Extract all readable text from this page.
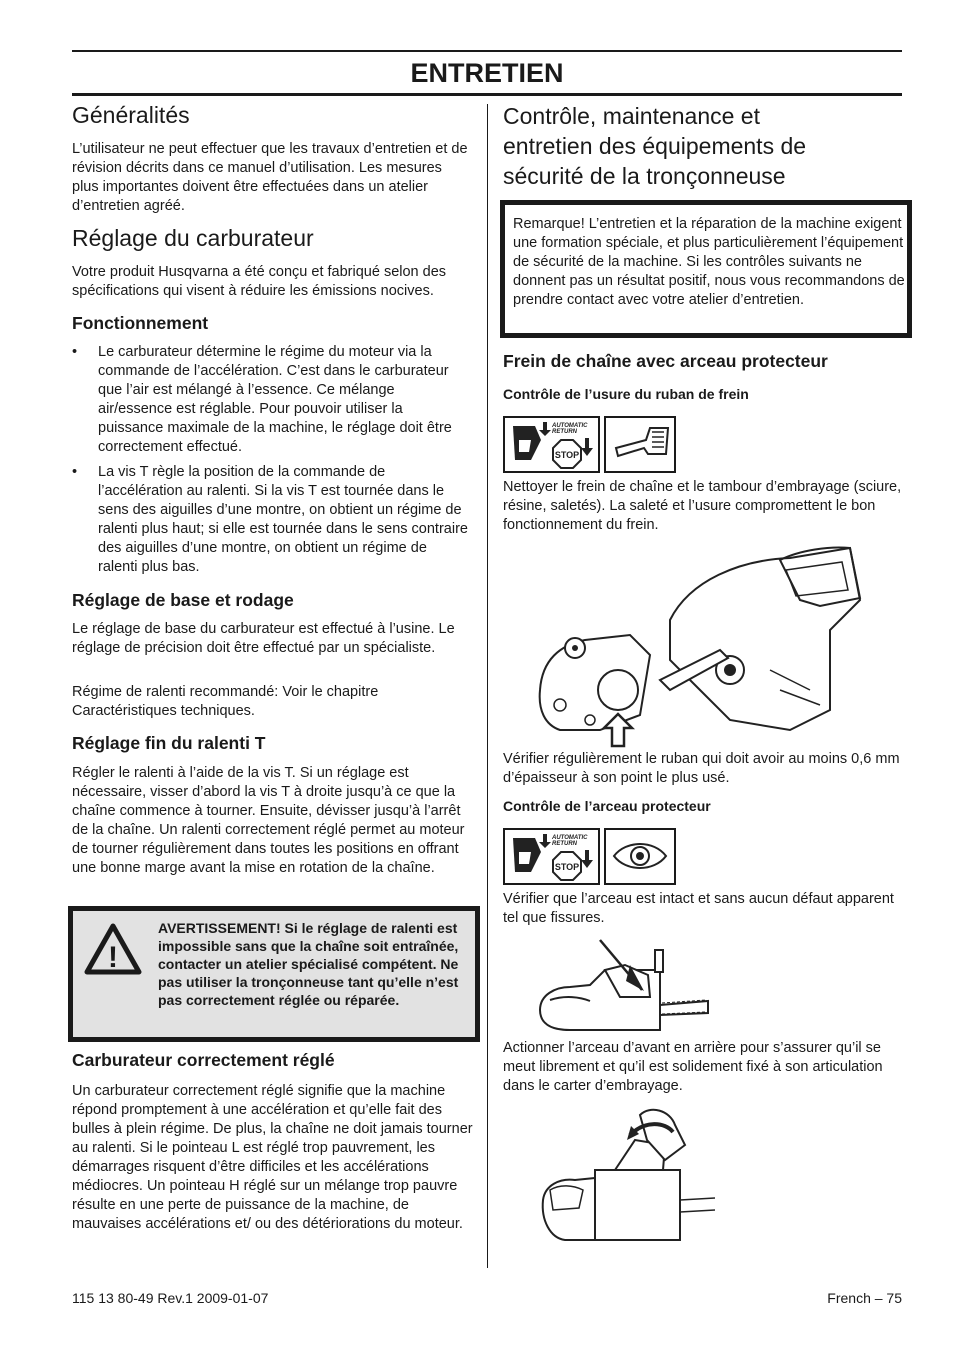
ENTRETIEN
Généralités

L’utilisateur ne peut effectuer que les travaux d’entretien et de révision décrits dans ce manuel d’utilisation. Les mesures plus importantes doivent être effectuées dans un atelier d’entretien agréé.

Réglage du carburateur

Votre produit Husqvarna a été conçu et fabriqué selon des spécifications qui visent à réduire les émissions nocives.

Fonctionnement
• Le carburateur détermine le régime du moteur via la commande de l’accélération. C’est dans le carburateur que l’air est mélangé à l’essence. Ce mélange air/essence est réglable. Pour pouvoir utiliser la puissance maximale de la machine, le réglage doit être correctement effectué.
• La vis T règle la position de la commande de l’accélération au ralenti. Si la vis T est tournée dans le sens des aiguilles d’une montre, on obtient un régime de ralenti plus haut; si elle est tournée dans le sens contraire des aiguilles d’une montre, on obtient un régime de ralenti plus bas.
Réglage de base et rodage

Le réglage de base du carburateur est effectué à l’usine. Le réglage de précision doit être effectué par un spécialiste.

Régime de ralenti recommandé: Voir le chapitre Caractéristiques techniques.

Réglage fin du ralenti T

Régler le ralenti à l’aide de la vis T. Si un réglage est nécessaire, visser d’abord la vis T à droite jusqu’à ce que la chaîne commence à tourner. Ensuite, dévisser jusqu’à l’arrêt de la chaîne. Un ralenti correctement réglé permet au moteur de tourner régulièrement dans toutes les positions en offrant une bonne marge avant la mise en rotation de la chaîne.

!

AVERTISSEMENT! Si le réglage de ralenti est impossible sans que la chaîne soit entraînée, contacter un atelier spécialisé compétent. Ne pas utiliser la tronçonneuse tant qu’elle n’est pas correctement réglée ou réparée.

Carburateur correctement réglé

Un carburateur correctement réglé signifie que la machine répond promptement à une accélération et qu’elle fait des bulles à plein régime. De plus, la chaîne ne doit jamais tourner au ralenti. Si le pointeau L est réglé trop pauvrement, les démarrages risquent d’être difficiles et les accélérations médiocres. Un pointeau H réglé sur un mélange trop pauvre résulte en une perte de puissance de la machine, de mauvaises accélérations et/ ou des détériorations du moteur.

Contrôle, maintenance et
entretien des équipements de
sécurité de la tronçonneuse

Remarque! L’entretien et la réparation de la machine exigent une formation spéciale, et plus particulièrement l’équipement de sécurité de la machine. Si les contrôles suivants ne donnent pas un résultat positif, nous vous recommandons de prendre contact avec votre atelier d’entretien.

Frein de chaîne avec arceau protecteur
Contrôle de l’usure du ruban de frein
AUTOMATIC
RETURN
STOP

Nettoyer le frein de chaîne et le tambour d’embrayage (sciure, résine, saletés). La saleté et l’usure compromettent le bon fonctionnement du frein.

Vérifier régulièrement le ruban qui doit avoir au moins 0,6 mm d’épaisseur à son point le plus usé.

Contrôle de l’arceau protecteur
AUTOMATIC
RETURN
STOP

Vérifier que l’arceau est intact et sans aucun défaut apparent tel que fissures.

Actionner l’arceau d’avant en arrière pour s’assurer qu’il se meut librement et qu’il est solidement fixé à son articulation dans le carter d’embrayage.

115 13 80-49 Rev.1 2009-01-07	French – 75
